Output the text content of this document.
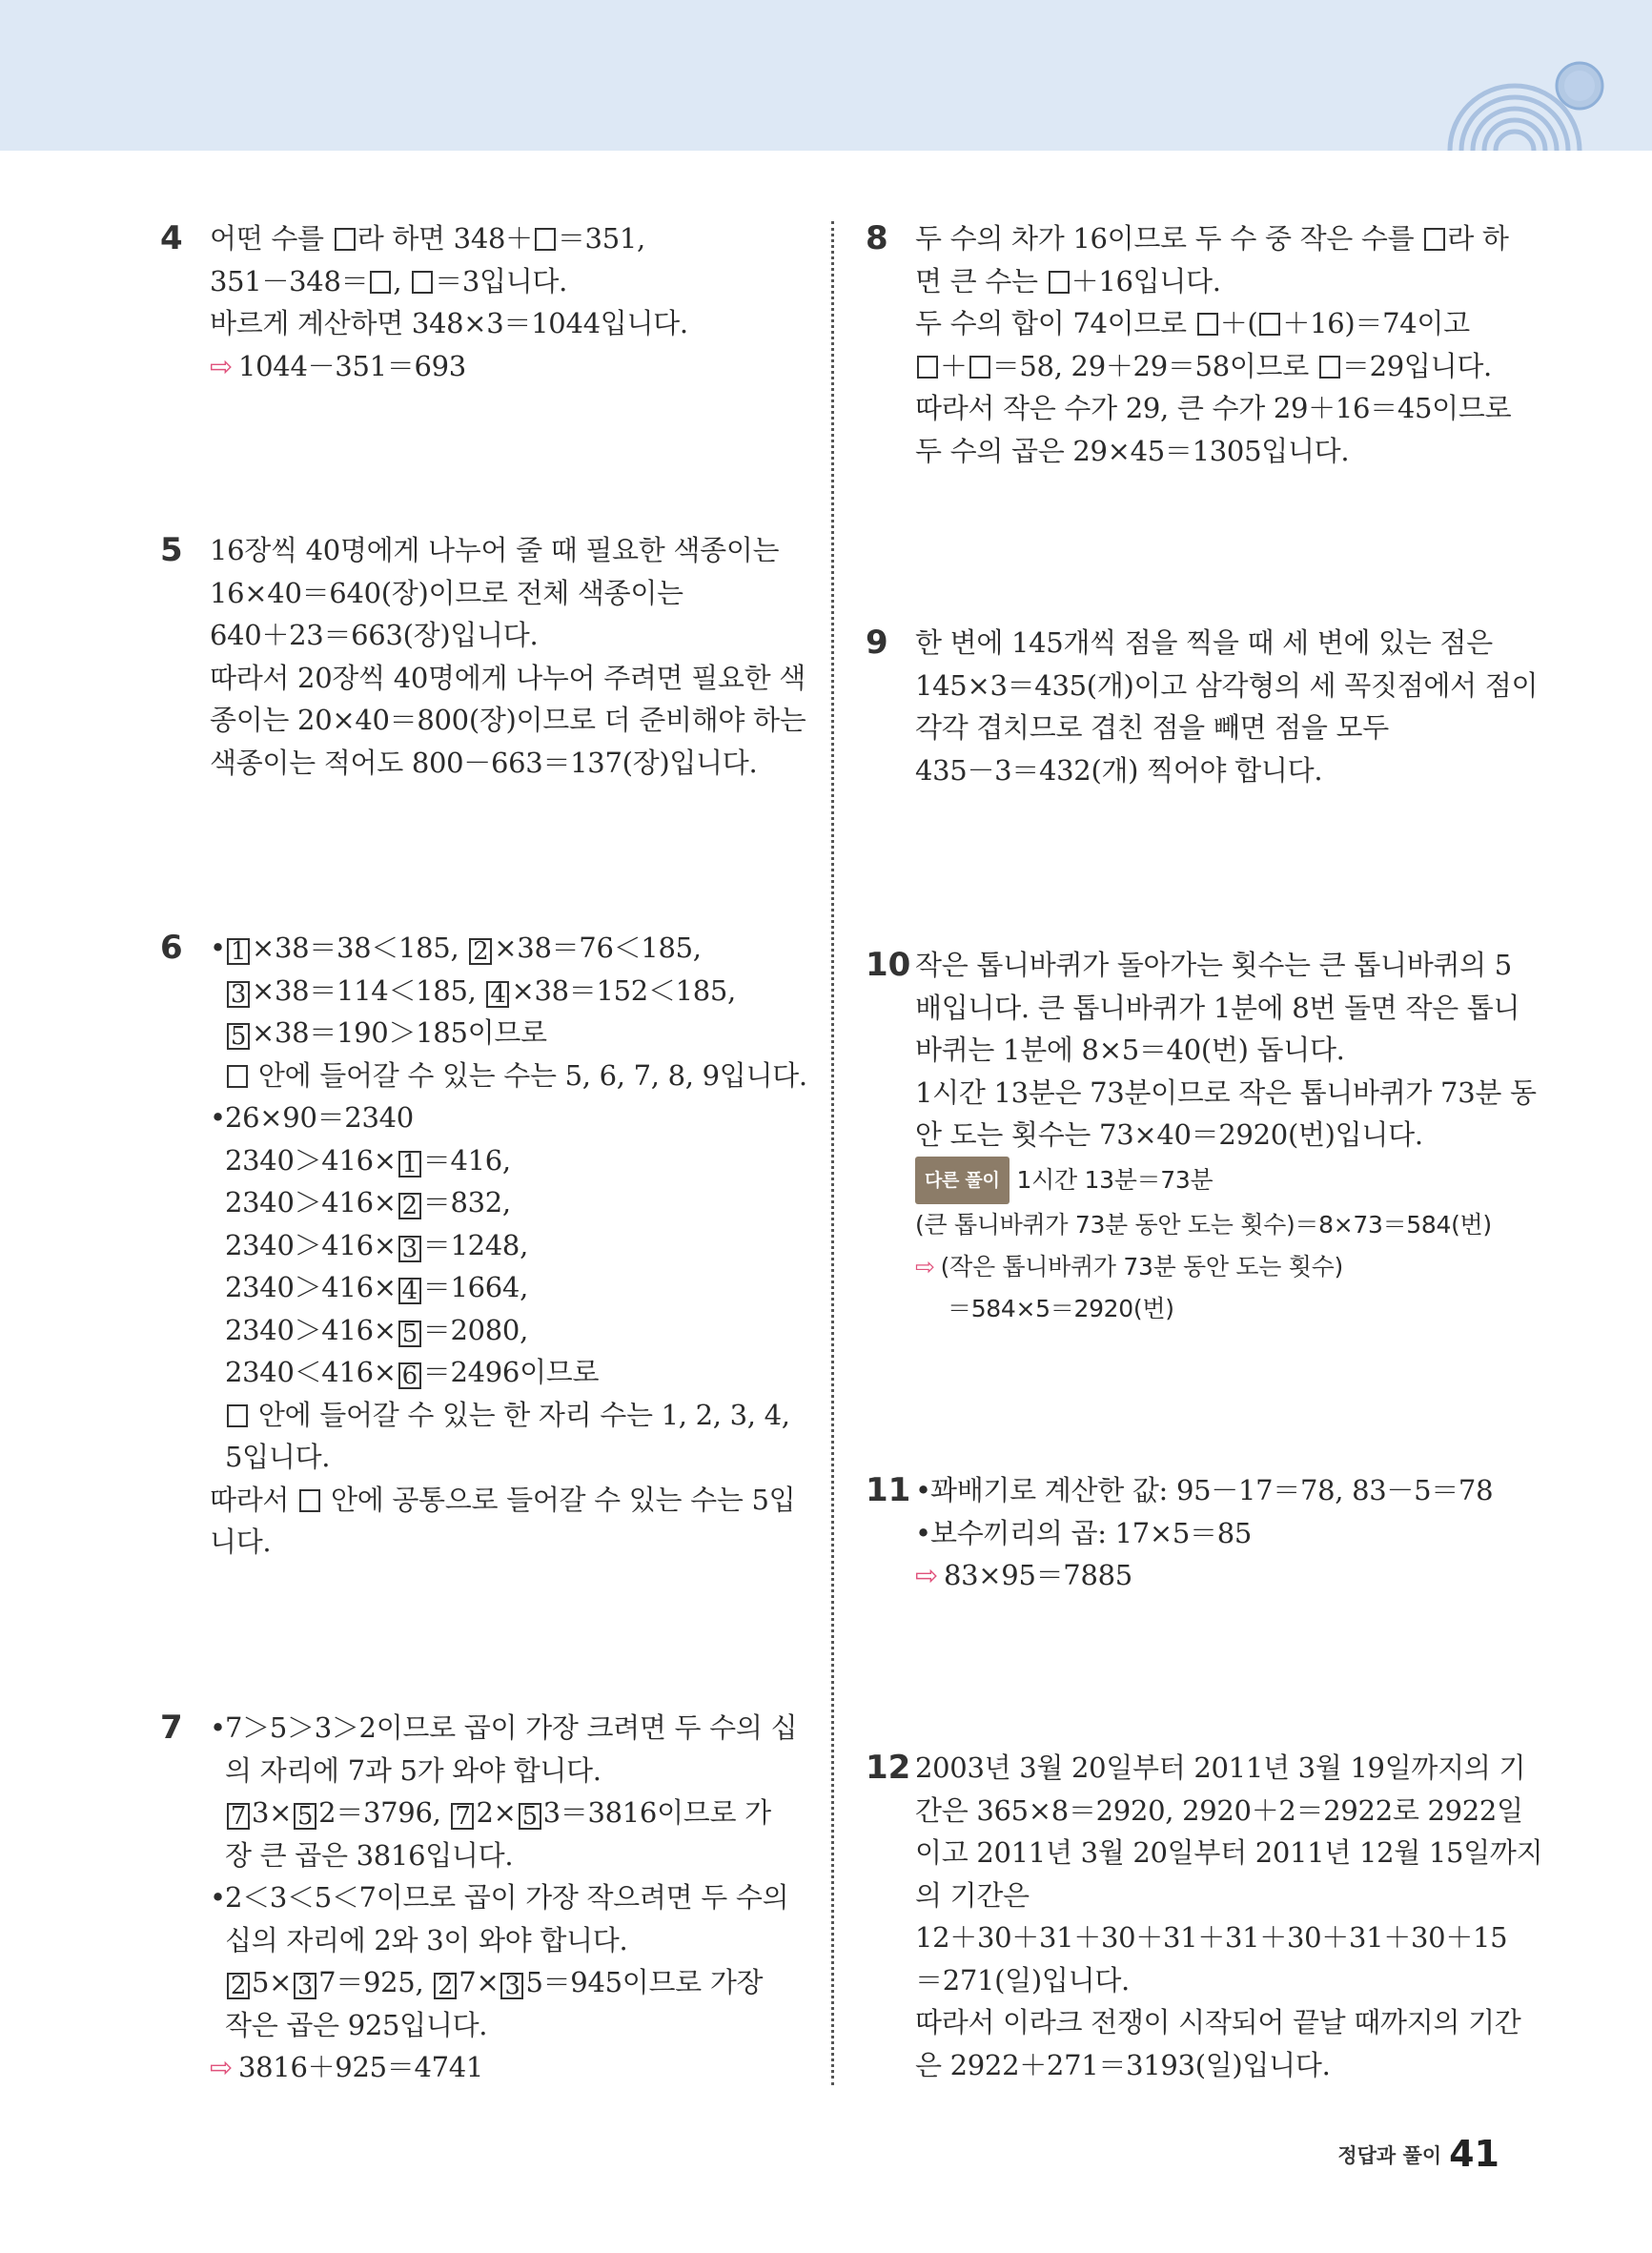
4 어떤 수를 라 하면 348＋ ＝351,
351－348＝ , ＝3입니다.
바르게 계산하면 348×3＝1044입니다.
⇨ 1044－351＝693
5 16장씩 40명에게 나누어 줄 때 필요한 색종이는
16×40＝640(장)이므로 전체 색종이는
640＋23＝663(장)입니다.
따라서 20장씩 40명에게 나누어 주려면 필요한 색
종이는 20×40＝800(장)이므로 더 준비해야 하는
색종이는 적어도 800－663＝137(장)입니다.
6	• 1 ×38＝38＜185, 2 ×38＝76＜185,
3 ×38＝114＜185, 4 ×38＝152＜185,
5 ×38＝190＞185이므로
안에 들어갈 수 있는 수는 5, 6, 7, 8, 9입니다.
• 26×90＝2340
2340＞416× 1 ＝416,
2340＞416× 2 ＝832,
2340＞416× 3 ＝1248,
2340＞416× 4 ＝1664,
2340＞416× 5 ＝2080,
2340＜416× 6 ＝2496이므로
안에 들어갈 수 있는 한 자리 수는 1, 2, 3, 4,
5입니다.
따라서  안에 공통으로 들어갈 수 있는 수는 5입
니다.
7	• 7＞5＞3＞2이므로 곱이 가장 크려면 두 수의 십
의 자리에 7과 5가 와야 합니다.
7 3× 5 2＝3796, 7 2× 5 3＝3816이므로 가
장 큰 곱은 3816입니다.
• 2＜3＜5＜7이므로 곱이 가장 작으려면 두 수의
십의 자리에 2와 3이 와야 합니다.
2 5× 3 7＝925, 2 7× 3 5＝945이므로 가장
작은 곱은 925입니다.
⇨ 3816＋925＝4741
8 두 수의 차가 16이므로 두 수 중 작은 수를 라 하
면 큰 수는 ＋16입니다.
두 수의 합이 74이므로 ＋( ＋16)＝74이고
＋ ＝58, 29＋29＝58이므로 ＝29입니다.
따라서 작은 수가 29, 큰 수가 29＋16＝45이므로
두 수의 곱은 29×45＝1305입니다.
9 한 변에 145개씩 점을 찍을 때 세 변에 있는 점은
145×3＝435(개)이고 삼각형의 세 꼭짓점에서 점이
각각 겹치므로 겹친 점을 빼면 점을 모두
435－3＝432(개) 찍어야 합니다.
10 작은 톱니바퀴가 돌아가는 횟수는 큰 톱니바퀴의 5
배입니다. 큰 톱니바퀴가 1분에 8번 돌면 작은 톱니
바퀴는 1분에 8×5＝40(번) 돕니다.
1시간 13분은 73분이므로 작은 톱니바퀴가 73분 동
안 도는 횟수는 73×40＝2920(번)입니다.
다른 풀이 1시간 13분＝73분
(큰 톱니바퀴가 73분 동안 도는 횟수)＝8×73＝584(번)
⇨ (작은 톱니바퀴가 73분 동안 도는 횟수)
＝584×5＝2920(번)
11 • 꽈배기로 계산한 값: 95－17＝78, 83－5＝78
• 보수끼리의 곱: 17×5＝85
⇨ 83×95＝7885
12 2003년 3월 20일부터 2011년 3월 19일까지의 기
간은 365×8＝2920, 2920＋2＝2922로 2922일
이고 2011년 3월 20일부터 2011년 12월 15일까지
의 기간은
12＋30＋31＋30＋31＋31＋30＋31＋30＋15
＝271(일)입니다.
따라서 이라크 전쟁이 시작되어 끝날 때까지의 기간
은 2922＋271＝3193(일)입니다.
정답과 풀이 41
